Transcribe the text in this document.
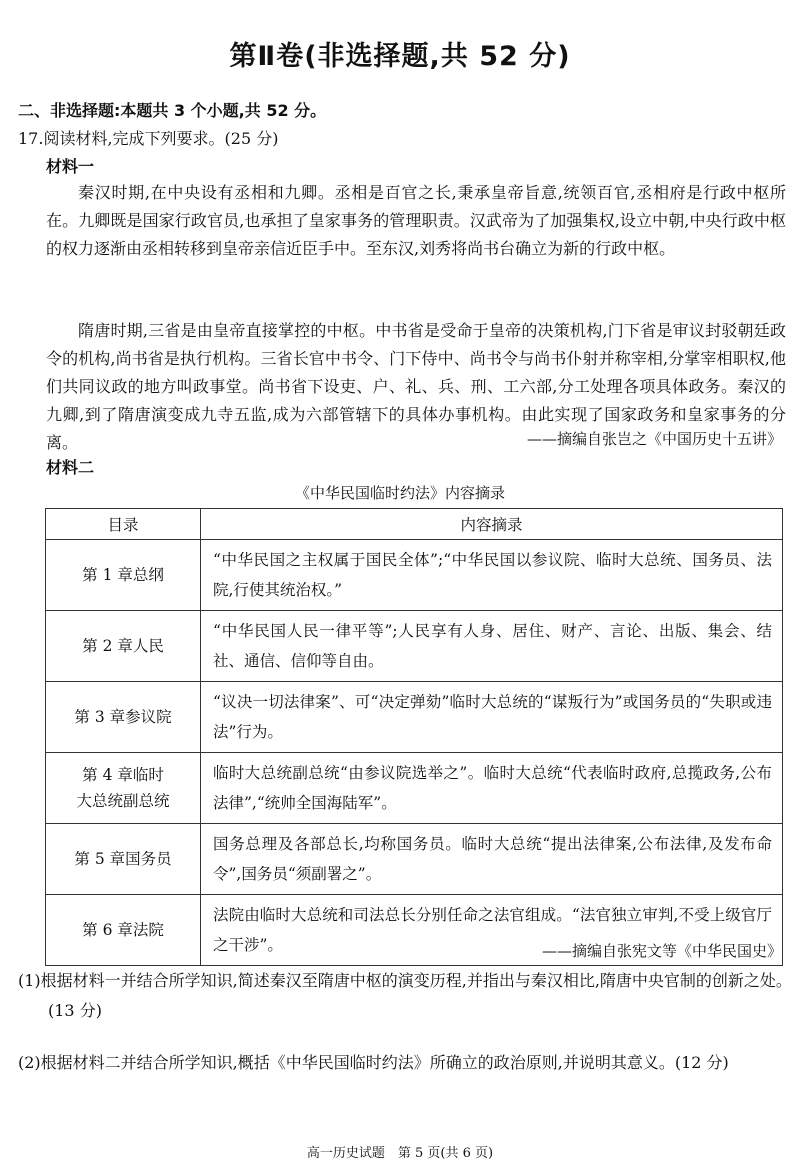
第Ⅱ卷(非选择题,共 52 分)
二、非选择题:本题共 3 个小题,共 52 分。
17.阅读材料,完成下列要求。(25 分)
材料一

秦汉时期,在中央设有丞相和九卿。丞相是百官之长,秉承皇帝旨意,统领百官,丞相府是行政中枢所在。九卿既是国家行政官员,也承担了皇家事务的管理职责。汉武帝为了加强集权,设立中朝,中央行政中枢的权力逐渐由丞相转移到皇帝亲信近臣手中。至东汉,刘秀将尚书台确立为新的行政中枢。

隋唐时期,三省是由皇帝直接掌控的中枢。中书省是受命于皇帝的决策机构,门下省是审议封驳朝廷政令的机构,尚书省是执行机构。三省长官中书令、门下侍中、尚书令与尚书仆射并称宰相,分掌宰相职权,他们共同议政的地方叫政事堂。尚书省下设吏、户、礼、兵、刑、工六部,分工处理各项具体政务。秦汉的九卿,到了隋唐演变成九寺五监,成为六部管辖下的具体办事机构。由此实现了国家政务和皇家事务的分离。	——摘编自张岂之《中国历史十五讲》
材料二
《中华民国临时约法》内容摘录
目录	内容摘录
第 1 章总纲	“中华民国之主权属于国民全体”;“中华民国以参议院、临时大总统、国务员、法院,行使其统治权。”
第 2 章人民	“中华民国人民一律平等”;人民享有人身、居住、财产、言论、出版、集会、结社、通信、信仰等自由。
第 3 章参议院	“议决一切法律案”、可“决定弹劾”临时大总统的“谋叛行为”或国务员的“失职或违法”行为。

第 4 章临时
大总统副总统	临时大总统副总统“由参议院选举之”。临时大总统“代表临时政府,总揽政务,公布法律”,“统帅全国海陆军”。
第 5 章国务员	国务总理及各部总长,均称国务员。临时大总统“提出法律案,公布法律,及发布命令”,国务员“须副署之”。
第 6 章法院	法院由临时大总统和司法总长分别任命之法官组成。“法官独立审判,不受上级官厅之干涉”。	——摘编自张宪文等《中华民国史》

(1)根据材料一并结合所学知识,简述秦汉至隋唐中枢的演变历程,并指出与秦汉相比,隋唐中央官制的创新之处。(13 分)

(2)根据材料二并结合所学知识,概括《中华民国临时约法》所确立的政治原则,并说明其意义。(12 分)

高一历史试题　第 5 页(共 6 页)
